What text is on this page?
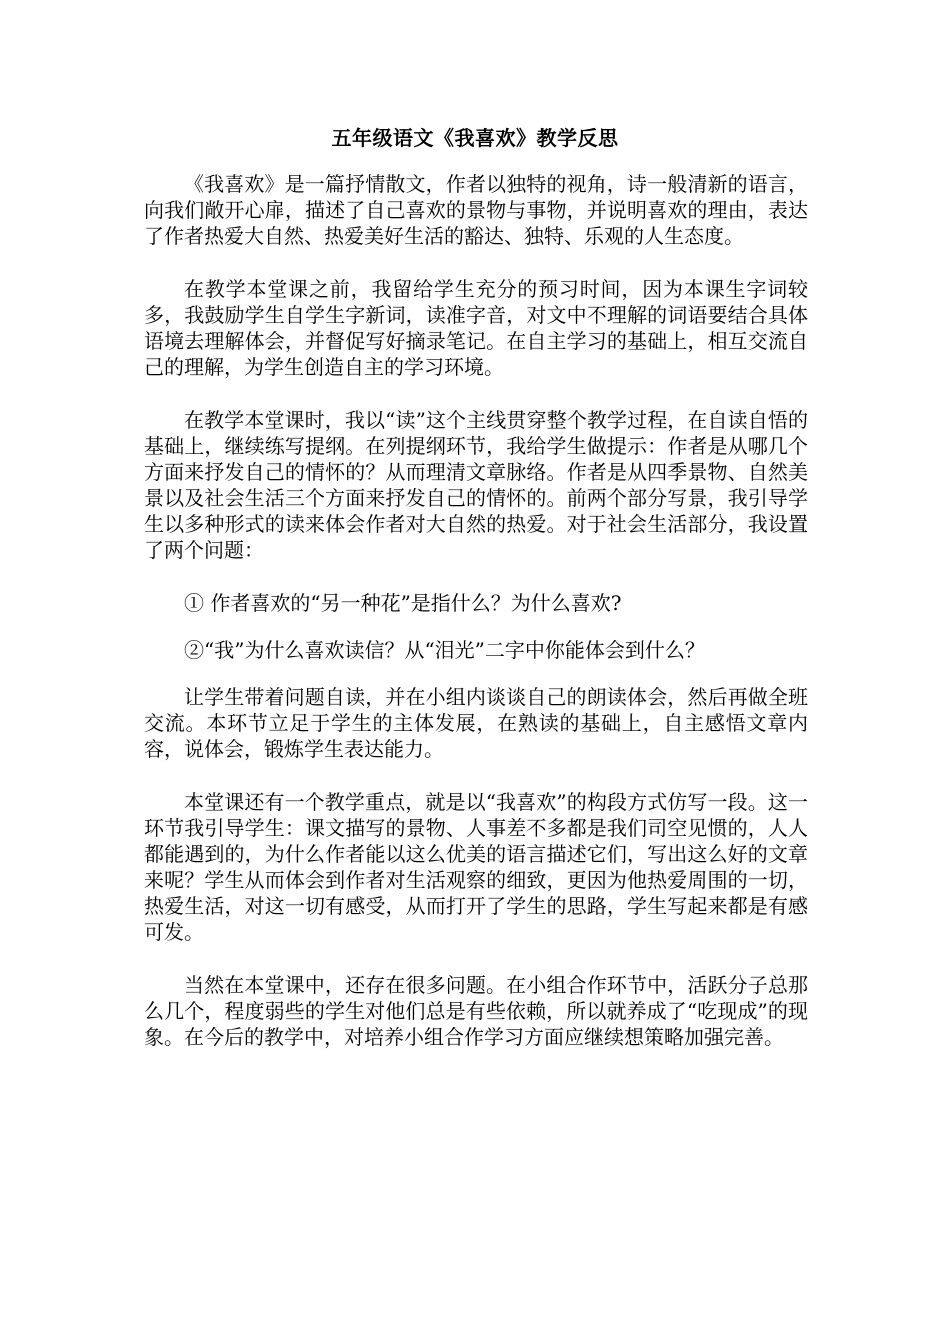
五年级语文《我喜欢》教学反思

《我喜欢》是一篇抒情散文，作者以独特的视角，诗一般清新的语言，向我们敞开心扉，描述了自己喜欢的景物与事物，并说明喜欢的理由，表达了作者热爱大自然、热爱美好生活的豁达、独特、乐观的人生态度。

在教学本堂课之前，我留给学生充分的预习时间，因为本课生字词较多，我鼓励学生自学生字新词，读准字音，对文中不理解的词语要结合具体语境去理解体会，并督促写好摘录笔记。在自主学习的基础上，相互交流自己的理解，为学生创造自主的学习环境。

在教学本堂课时，我以“读”这个主线贯穿整个教学过程，在自读自悟的基础上，继续练写提纲。在列提纲环节，我给学生做提示：作者是从哪几个方面来抒发自己的情怀的？从而理清文章脉络。作者是从四季景物、自然美景以及社会生活三个方面来抒发自己的情怀的。前两个部分写景，我引导学生以多种形式的读来体会作者对大自然的热爱。对于社会生活部分，我设置了两个问题：

① 作者喜欢的“另一种花”是指什么？为什么喜欢?

②“我”为什么喜欢读信？从“泪光”二字中你能体会到什么？

让学生带着问题自读，并在小组内谈谈自己的朗读体会，然后再做全班交流。本环节立足于学生的主体发展，在熟读的基础上，自主感悟文章内容，说体会，锻炼学生表达能力。

本堂课还有一个教学重点，就是以“我喜欢”的构段方式仿写一段。这一环节我引导学生：课文描写的景物、人事差不多都是我们司空见惯的，人人都能遇到的，为什么作者能以这么优美的语言描述它们，写出这么好的文章来呢？学生从而体会到作者对生活观察的细致，更因为他热爱周围的一切，热爱生活，对这一切有感受，从而打开了学生的思路，学生写起来都是有感可发。

当然在本堂课中，还存在很多问题。在小组合作环节中，活跃分子总那么几个，程度弱些的学生对他们总是有些依赖，所以就养成了“吃现成”的现象。在今后的教学中，对培养小组合作学习方面应继续想策略加强完善。
